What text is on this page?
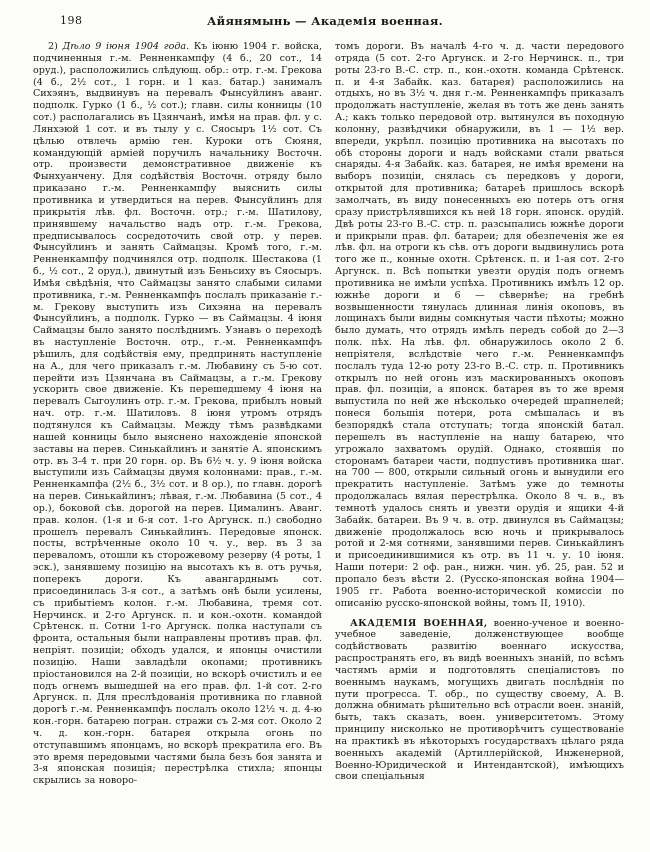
198	Айянямынь — Академія военная.

2) Дѣло 9 іюня 1904 года. Къ іюню 1904 г. войска, подчиненныя г.-м. Ренненкампфу (4 б., 20 сот., 14 оруд.), расположились слѣдующ. обр.: отр. г.-м. Грекова (4 б., 2½ сот., 1 горн. и 1 каз. батар.) занималъ Сихэянъ, выдвинувъ на перевалъ Фынсуйлинъ аванг. подполк. Гурко (1 б., ½ сот.); главн. силы конницы (10 сот.) располагались въ Цзянчанѣ, имѣя на прав. фл. у с. Лянхэюй 1 сот. и въ тылу у с. Сяосыръ 1½ сот. Съ цѣлью отвлечь армію ген. Куроки отъ Сюяня, командующій арміей поручилъ начальнику Восточн. отр. произвести демонстративное движеніе къ Фынхуанчену. Для содѣйствія Восточн. отряду было приказано г.-м. Ренненкампфу выяснить силы противника и утвердиться на перев. Фынсуйлинъ для прикрытія лѣв. фл. Восточн. отр.; г.-м. Шатилову, принявшему начальство надъ отр. г.-м. Грекова, предписывалось сосредоточить свой отр. у перев. Фынсуйлинъ и занять Саймацзы. Кромѣ того, г.-м. Ренненкампфу подчинялся отр. подполк. Шестакова (1 б., ½ сот., 2 оруд.), двинутый изъ Беньсиху въ Сяосыръ. Имѣя свѣдѣнія, что Саймацзы занято слабыми силами противника, г.-м. Ренненкампфъ послалъ приказаніе г.-м. Грекову выступить изъ Сихэяна на перевалъ Фынсуйлинъ, а подполк. Гурко — въ Саймацзы. 4 іюня Саймацзы было занято послѣднимъ. Узнавъ о переходѣ въ наступленіе Восточн. отр., г.-м. Ренненкампфъ рѣшилъ, для содѣйствія ему, предпринять наступленіе на А., для чего приказалъ г.-м. Любавину съ 5-ю сот. перейти изъ Цзянчана въ Саймацзы, а г.-м. Грекову ускорить свое движеніе. Къ перешедшему 4 іюня на перевалъ Сыгоулинъ отр. г.-м. Грекова, прибылъ новый нач. отр. г.-м. Шатиловъ. 8 іюня утромъ отрядъ подтянулся къ Саймацзы. Между тѣмъ развѣдками нашей конницы было выяснено нахожденіе японской заставы на перев. Синькайлинъ и занятіе А. японскимъ отр. въ 3-4 т. при 20 горн. ор. Въ 6½ ч. у. 9 іюня войска выступили изъ Саймацзы двумя колоннами: прав., г.-м. Ренненкампфа (2½ б., 3½ сот. и 8 ор.), по главн. дорогѣ на перев. Синькайлинъ; лѣвая, г.-м. Любавина (5 сот., 4 ор.), боковой сѣв. дорогой на перев. Цималинъ. Аванг. прав. колон. (1-я и 6-я сот. 1-го Аргунск. п.) свободно прошелъ перевалъ Синькайлинъ. Передовые японск. посты, встрѣченные около 10 ч. у., вер. въ 3 за переваломъ, отошли къ сторожевому резерву (4 роты, 1 эск.), занявшему позицію на высотахъ къ в. отъ ручья, поперекъ дороги. Къ авангарднымъ сот. присоединилась 3-я сот., а затѣмъ онѣ были усилены, съ прибытіемъ колон. г.-м. Любавина, тремя сот. Нерчинск. и 2-го Аргунск. п. и кон.-охотн. командой Срѣтенск. п. Сотни 1-го Аргунск. полка наступали съ фронта, остальныя были направлены противъ прав. фл. непріят. позиціи; обходъ удался, и японцы очистили позицію. Наши завладѣли окопами; противникъ пріостановился на 2-й позиціи, но вскорѣ очистилъ и ее подъ огнемъ вышедшей на его прав. фл. 1-й сот. 2-го Аргунск. п. Для преслѣдованія противника по главной дорогѣ г.-м. Ренненкампфъ послалъ около 12½ ч. д. 4-ю кон.-горн. батарею погран. стражи съ 2-мя сот. Около 2 ч. д. кон.-горн. батарея открыла огонь по отступавшимъ японцамъ, но вскорѣ прекратила его. Въ это время передовыми частями была безъ боя занята и 3-я японская позиція; перестрѣлка стихла; японцы скрылись за новоро-

томъ дороги. Въ началѣ 4-го ч. д. части передового отряда (5 сот. 2-го Аргунск. и 2-го Нерчинск. п., три роты 23-го В.-С. стр. п., кон.-охотн. команда Срѣтенск. п. и 4-я Забайк. каз. батарея) расположились на отдыхъ, но въ 3½ ч. дня г.-м. Ренненкампфъ приказалъ продолжать наступленіе, желая въ тотъ же день занять А.; какъ только передовой отр. вытянулся въ походную колонну, развѣдчики обнаружили, въ 1 — 1½ вер. впереди, укрѣпл. позицію противника на высотахъ по обѣ стороны дороги и надъ войсками стали рваться снаряды. 4-я Забайк. каз. батарея, не имѣя времени на выборъ позиціи, снялась съ передковъ у дороги, открытой для противника; батареѣ пришлось вскорѣ замолчать, въ виду понесенныхъ ею потерь отъ огня сразу пристрѣлявшихся къ ней 18 горн. японск. орудій. Двѣ роты 23-го В.-С. стр. п. разсыпались южнѣе дороги и прикрыли прав. фл. батареи; для обезпеченія же ея лѣв. фл. на отроги къ сѣв. отъ дороги выдвинулись рота того же п., конные охотн. Срѣтенск. п. и 1-ая сот. 2-го Аргунск. п. Всѣ попытки увезти орудія подъ огнемъ противника не имѣли успѣха. Противникъ имѣлъ 12 ор. южнѣе дороги и 6 — сѣвернѣе; на гребнѣ возвышенности тянулась длинная линія окоповъ, въ лощинахъ были видны сомкнутыя части пѣхоты; можно было думать, что отрядъ имѣлъ передъ собой до 2—3 полк. пѣх. На лѣв. фл. обнаружилось около 2 б. непріятеля, вслѣдствіе чего г.-м. Ренненкампфъ послалъ туда 12-ю роту 23-го В.-С. стр. п. Противникъ открылъ по ней огонь изъ маскированныхъ окоповъ прав. фл. позиціи, а японск. батарея въ то же время выпустила по ней же нѣсколько очередей шрапнелей; понеся большія потери, рота смѣшалась и въ безпорядкѣ стала отступать; тогда японскій батал. перешелъ въ наступленіе на нашу батарею, что угрожало захватомъ орудій. Однако, стоявшія по сторонамъ батареи части, подпустивъ противника шаг. на 700 — 800, открыли сильный огонь и вынудили его прекратить наступленіе. Затѣмъ уже до темноты продолжалась вялая перестрѣлка. Около 8 ч. в., въ темнотѣ удалось снять и увезти орудія и ящики 4-й Забайк. батареи. Въ 9 ч. в. отр. двинулся въ Саймацзы; движеніе продолжалось всю ночь и прикрывалось ротой и 2-мя сотнями, занявшими перев. Синькайлинъ и присоединившимися къ отр. въ 11 ч. у. 10 іюня. Наши потери: 2 оф. ран., нижн. чин. уб. 25, ран. 52 и пропало безъ вѣсти 2. (Русско-японская война 1904—1905 гг. Работа военно-исторической комиссіи по описанію русско-японской войны, томъ II, 1910).

АКАДЕМІЯ ВОЕННАЯ, военно-ученое и военно-учебное заведеніе, долженствующее вообще содѣйствовать развитію военнаго искусства, распространять его, въ видѣ военныхъ знаній, по всѣмъ частямъ арміи и подготовлять спеціалистовъ по военнымъ наукамъ, могущихъ двигать послѣднія по пути прогресса. Т. обр., по существу своему, А. В. должна обнимать рѣшительно всѣ отрасли воен. знаній, быть, такъ сказать, воен. университетомъ. Этому принципу нисколько не противорѣчитъ существованіе на практикѣ въ нѣкоторыхъ государствахъ цѣлаго ряда военныхъ академій (Артиллерійской, Инженерной, Военно-Юридической и Интендантской), имѣющихъ свои спеціальныя
